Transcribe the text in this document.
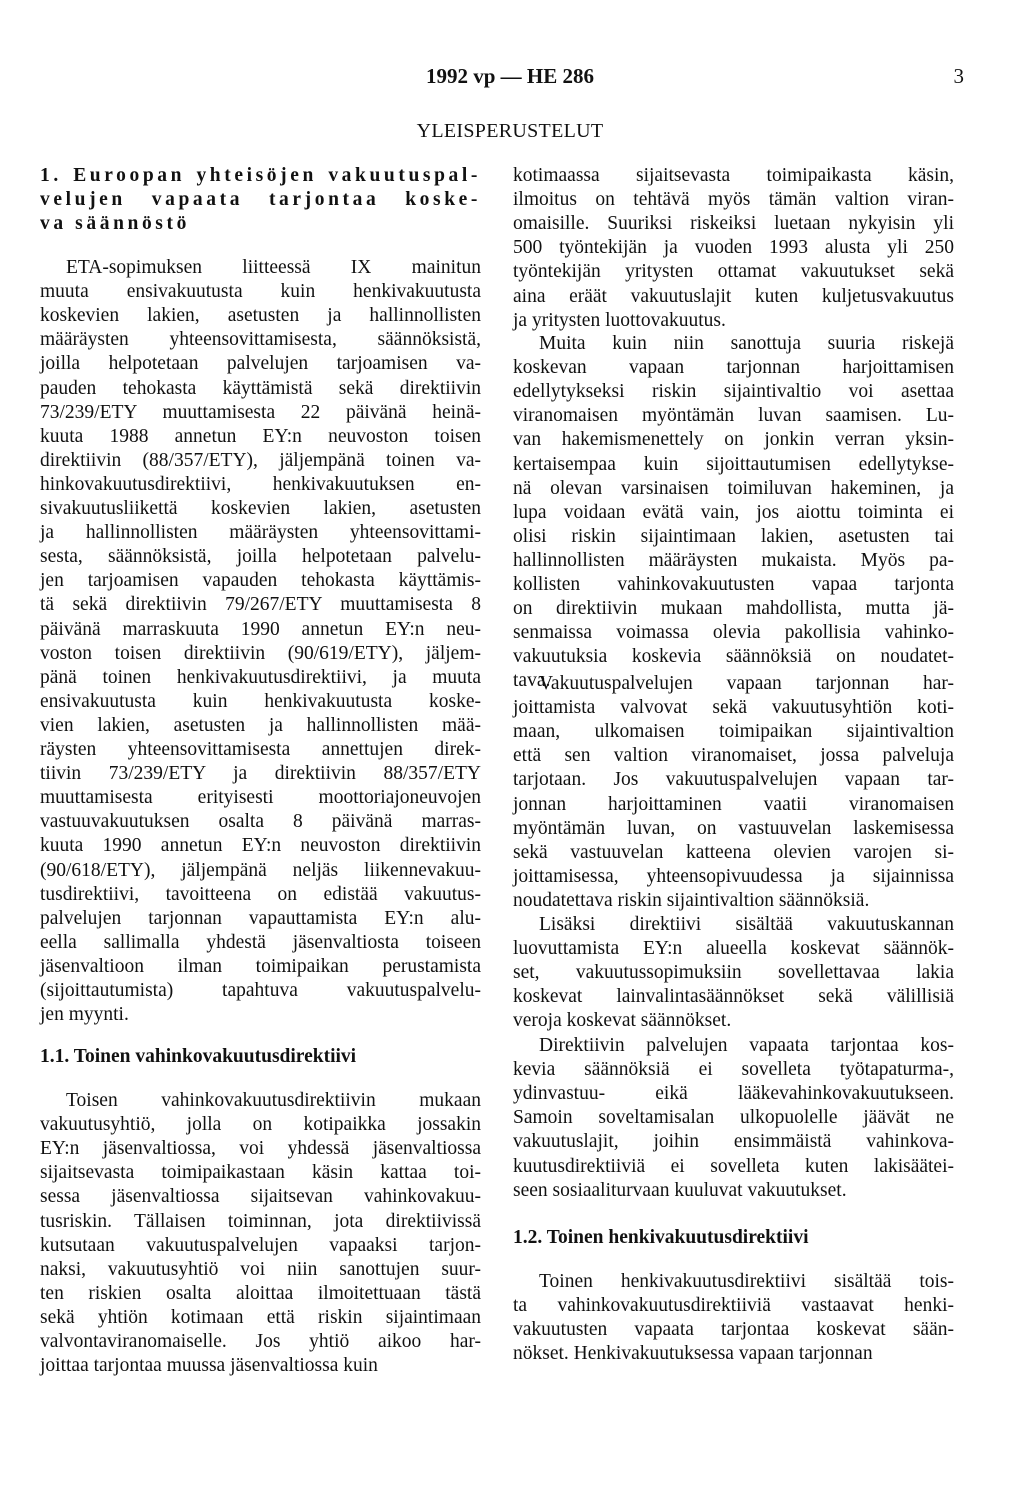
1992 vp — HE 286	3
YLEISPERUSTELUT
1. Euroopan yhteisöjen vakuutuspal-
velujen vapaata tarjontaa koske-
va säännöstö
ETA-sopimuksen liitteessä IX mainitun
muuta ensivakuutusta kuin henkivakuutusta
koskevien lakien, asetusten ja hallinnollisten
määräysten yhteensovittamisesta, säännöksistä,
joilla helpotetaan palvelujen tarjoamisen va-
pauden tehokasta käyttämistä sekä direktiivin
73/239/ETY muuttamisesta 22 päivänä heinä-
kuuta 1988 annetun EY:n neuvoston toisen
direktiivin (88/357/ETY), jäljempänä toinen va-
hinkovakuutusdirektiivi, henkivakuutuksen en-
sivakuutusliikettä koskevien lakien, asetusten
ja hallinnollisten määräysten yhteensovittami-
sesta, säännöksistä, joilla helpotetaan palvelu-
jen tarjoamisen vapauden tehokasta käyttämis-
tä sekä direktiivin 79/267/ETY muuttamisesta 8
päivänä marraskuuta 1990 annetun EY:n neu-
voston toisen direktiivin (90/619/ETY), jäljem-
pänä toinen henkivakuutusdirektiivi, ja muuta
ensivakuutusta kuin henkivakuutusta koske-
vien lakien, asetusten ja hallinnollisten mää-
räysten yhteensovittamisesta annettujen direk-
tiivin 73/239/ETY ja direktiivin 88/357/ETY
muuttamisesta erityisesti moottoriajoneuvojen
vastuuvakuutuksen osalta 8 päivänä marras-
kuuta 1990 annetun EY:n neuvoston direktiivin
(90/618/ETY), jäljempänä neljäs liikennevakuu-
tusdirektiivi, tavoitteena on edistää vakuutus-
palvelujen tarjonnan vapauttamista EY:n alu-
eella sallimalla yhdestä jäsenvaltiosta toiseen
jäsenvaltioon ilman toimipaikan perustamista
(sijoittautumista) tapahtuva vakuutuspalvelu-
jen myynti.
1.1. Toinen vahinkovakuutusdirektiivi
Toisen vahinkovakuutusdirektiivin mukaan
vakuutusyhtiö, jolla on kotipaikka jossakin
EY:n jäsenvaltiossa, voi yhdessä jäsenvaltiossa
sijaitsevasta toimipaikastaan käsin kattaa toi-
sessa jäsenvaltiossa sijaitsevan vahinkovakuu-
tusriskin. Tällaisen toiminnan, jota direktiivissä
kutsutaan vakuutuspalvelujen vapaaksi tarjon-
naksi, vakuutusyhtiö voi niin sanottujen suur-
ten riskien osalta aloittaa ilmoitettuaan tästä
sekä yhtiön kotimaan että riskin sijaintimaan
valvontaviranomaiselle. Jos yhtiö aikoo har-
joittaa tarjontaa muussa jäsenvaltiossa kuin
kotimaassa sijaitsevasta toimipaikasta käsin,
ilmoitus on tehtävä myös tämän valtion viran-
omaisille. Suuriksi riskeiksi luetaan nykyisin yli
500 työntekijän ja vuoden 1993 alusta yli 250
työntekijän yritysten ottamat vakuutukset sekä
aina eräät vakuutuslajit kuten kuljetusvakuutus
ja yritysten luottovakuutus.
Muita kuin niin sanottuja suuria riskejä
koskevan vapaan tarjonnan harjoittamisen
edellytykseksi riskin sijaintivaltio voi asettaa
viranomaisen myöntämän luvan saamisen. Lu-
van hakemismenettely on jonkin verran yksin-
kertaisempaa kuin sijoittautumisen edellytykse-
nä olevan varsinaisen toimiluvan hakeminen, ja
lupa voidaan evätä vain, jos aiottu toiminta ei
olisi riskin sijaintimaan lakien, asetusten tai
hallinnollisten määräysten mukaista. Myös pa-
kollisten vahinkovakuutusten vapaa tarjonta
on direktiivin mukaan mahdollista, mutta jä-
senmaissa voimassa olevia pakollisia vahinko-
vakuutuksia koskevia säännöksiä on noudatet-
tava.
Vakuutuspalvelujen vapaan tarjonnan har-
joittamista valvovat sekä vakuutusyhtiön koti-
maan, ulkomaisen toimipaikan sijaintivaltion
että sen valtion viranomaiset, jossa palveluja
tarjotaan. Jos vakuutuspalvelujen vapaan tar-
jonnan harjoittaminen vaatii viranomaisen
myöntämän luvan, on vastuuvelan laskemisessa
sekä vastuuvelan katteena olevien varojen si-
joittamisessa, yhteensopivuudessa ja sijainnissa
noudatettava riskin sijaintivaltion säännöksiä.
Lisäksi direktiivi sisältää vakuutuskannan
luovuttamista EY:n alueella koskevat säännök-
set, vakuutussopimuksiin sovellettavaa lakia
koskevat lainvalintasäännökset sekä välillisiä
veroja koskevat säännökset.
Direktiivin palvelujen vapaata tarjontaa kos-
kevia säännöksiä ei sovelleta työtapaturma-,
ydinvastuu- eikä lääkevahinkovakuutukseen.
Samoin soveltamisalan ulkopuolelle jäävät ne
vakuutuslajit, joihin ensimmäistä vahinkova-
kuutusdirektiiviä ei sovelleta kuten lakisäätei-
seen sosiaaliturvaan kuuluvat vakuutukset.
1.2. Toinen henkivakuutusdirektiivi
Toinen henkivakuutusdirektiivi sisältää tois-
ta vahinkovakuutusdirektiiviä vastaavat henki-
vakuutusten vapaata tarjontaa koskevat sään-
nökset. Henkivakuutuksessa vapaan tarjonnan
